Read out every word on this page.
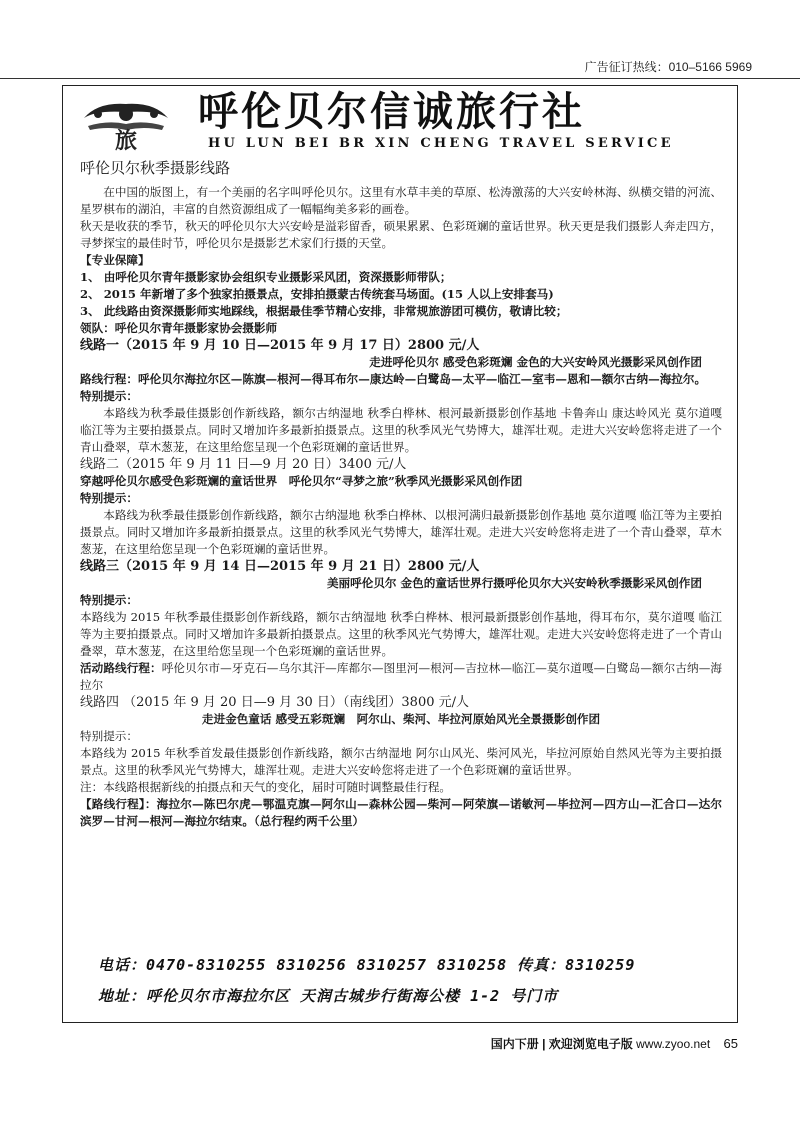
广告征订热线：010–5166 5969
旅
呼伦贝尔信诚旅行社
HU LUN BEI BR XIN CHENG TRAVEL SERVICE

呼伦贝尔秋季摄影线路

在中国的版图上，有一个美丽的名字叫呼伦贝尔。这里有水草丰美的草原、松涛激荡的大兴安岭林海、纵横交错的河流、星罗棋布的湖泊，丰富的自然资源组成了一幅幅绚美多彩的画卷。

秋天是收获的季节，秋天的呼伦贝尔大兴安岭是溢彩留香，硕果累累、色彩斑斓的童话世界。秋天更是我们摄影人奔走四方，寻梦探宝的最佳时节，呼伦贝尔是摄影艺术家们行摄的天堂。

【专业保障】

1、 由呼伦贝尔青年摄影家协会组织专业摄影采风团，资深摄影师带队；

2、 2015 年新增了多个独家拍摄景点，安排拍摄蒙古传统套马场面。(15 人以上安排套马)

3、 此线路由资深摄影师实地踩线，根据最佳季节精心安排，非常规旅游团可模仿，敬请比较；

领队：呼伦贝尔青年摄影家协会摄影师

线路一（2015 年 9 月 10 日—2015 年 9 月 17 日）2800 元/人

走进呼伦贝尔 感受色彩斑斓 金色的大兴安岭风光摄影采风创作团

路线行程：呼伦贝尔海拉尔区—陈旗—根河—得耳布尔—康达岭—白鹭岛—太平—临江—室韦—恩和—额尔古纳—海拉尔。

特别提示：

本路线为秋季最佳摄影创作新线路，额尔古纳湿地 秋季白桦林、根河最新摄影创作基地 卡鲁奔山 康达岭风光 莫尔道嘎 临江等为主要拍摄景点。同时又增加许多最新拍摄景点。这里的秋季风光气势博大，雄浑壮观。走进大兴安岭您将走进了一个青山叠翠，草木葱茏，在这里给您呈现一个色彩斑斓的童话世界。

线路二（2015 年 9 月 11 日—9 月 20 日）3400 元/人

穿越呼伦贝尔感受色彩斑斓的童话世界　呼伦贝尔“寻梦之旅”秋季风光摄影采风创作团

特别提示：

本路线为秋季最佳摄影创作新线路，额尔古纳湿地 秋季白桦林、以根河满归最新摄影创作基地 莫尔道嘎 临江等为主要拍摄景点。同时又增加许多最新拍摄景点。这里的秋季风光气势博大，雄浑壮观。走进大兴安岭您将走进了一个青山叠翠，草木葱茏，在这里给您呈现一个色彩斑斓的童话世界。

线路三（2015 年 9 月 14 日—2015 年 9 月 21 日）2800 元/人

美丽呼伦贝尔 金色的童话世界行摄呼伦贝尔大兴安岭秋季摄影采风创作团

特别提示：

本路线为 2015 年秋季最佳摄影创作新线路，额尔古纳湿地 秋季白桦林、根河最新摄影创作基地，得耳布尔，莫尔道嘎 临江等为主要拍摄景点。同时又增加许多最新拍摄景点。这里的秋季风光气势博大，雄浑壮观。走进大兴安岭您将走进了一个青山叠翠，草木葱茏，在这里给您呈现一个色彩斑斓的童话世界。

活动路线行程：呼伦贝尔市—牙克石—乌尔其汗—库都尔—图里河—根河—吉拉林—临江—莫尔道嘎—白鹭岛—额尔古纳—海拉尔

线路四 （2015 年 9 月 20 日—9 月 30 日）（南线团）3800 元/人

走进金色童话 感受五彩斑斓　阿尔山、柴河、毕拉河原始风光全景摄影创作团

特别提示：

本路线为 2015 年秋季首发最佳摄影创作新线路，额尔古纳湿地 阿尔山风光、柴河风光，毕拉河原始自然风光等为主要拍摄景点。这里的秋季风光气势博大，雄浑壮观。走进大兴安岭您将走进了一个色彩斑斓的童话世界。

注：本线路根据新线的拍摄点和天气的变化，届时可随时调整最佳行程。

【路线行程】：海拉尔—陈巴尔虎—鄂温克旗—阿尔山—森林公园—柴河—阿荣旗—诺敏河—毕拉河—四方山—汇合口—达尔滨罗—甘河—根河—海拉尔结束。（总行程约两千公里）

电话：0470-8310255 8310256 8310257 8310258 传真：8310259
地址：呼伦贝尔市海拉尔区 天润古城步行街海公楼 1-2 号门市
国内下册 | 欢迎浏览电子版 www.zyoo.net 65
